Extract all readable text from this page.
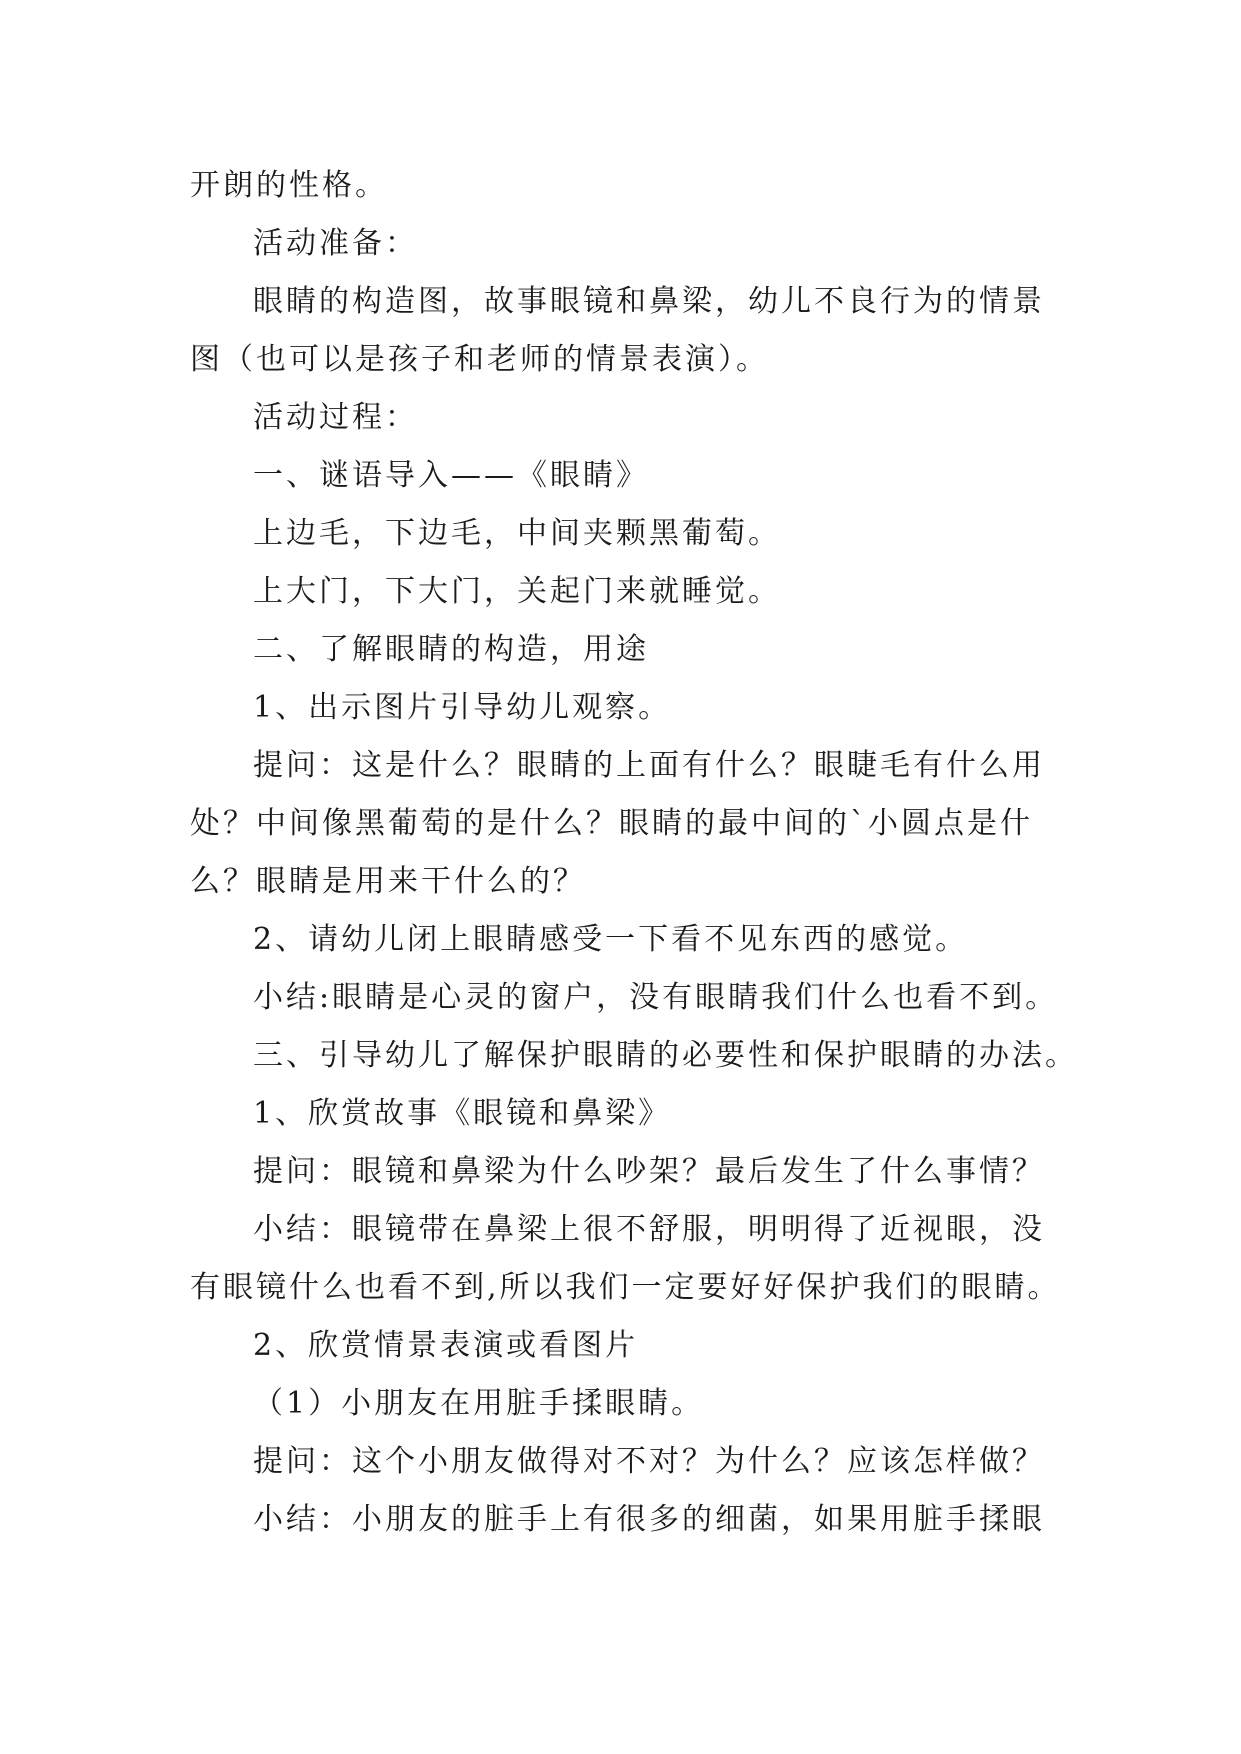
开朗的性格。
活动准备：
眼睛的构造图，故事眼镜和鼻梁，幼儿不良行为的情景
图（也可以是孩子和老师的情景表演）。
活动过程：
一、谜语导入——《眼睛》
上边毛，下边毛，中间夹颗黑葡萄。
上大门，下大门，关起门来就睡觉。
二、了解眼睛的构造，用途
1、出示图片引导幼儿观察。
提问：这是什么？眼睛的上面有什么？眼睫毛有什么用
处？中间像黑葡萄的是什么？眼睛的最中间的`小圆点是什
么？眼睛是用来干什么的？
2、请幼儿闭上眼睛感受一下看不见东西的感觉。
小结:眼睛是心灵的窗户，没有眼睛我们什么也看不到。
三、引导幼儿了解保护眼睛的必要性和保护眼睛的办法。
1、欣赏故事《眼镜和鼻梁》
提问：眼镜和鼻梁为什么吵架？最后发生了什么事情？
小结：眼镜带在鼻梁上很不舒服，明明得了近视眼，没
有眼镜什么也看不到,所以我们一定要好好保护我们的眼睛。
2、欣赏情景表演或看图片
（1）小朋友在用脏手揉眼睛。
提问：这个小朋友做得对不对？为什么？应该怎样做？
小结：小朋友的脏手上有很多的细菌，如果用脏手揉眼
